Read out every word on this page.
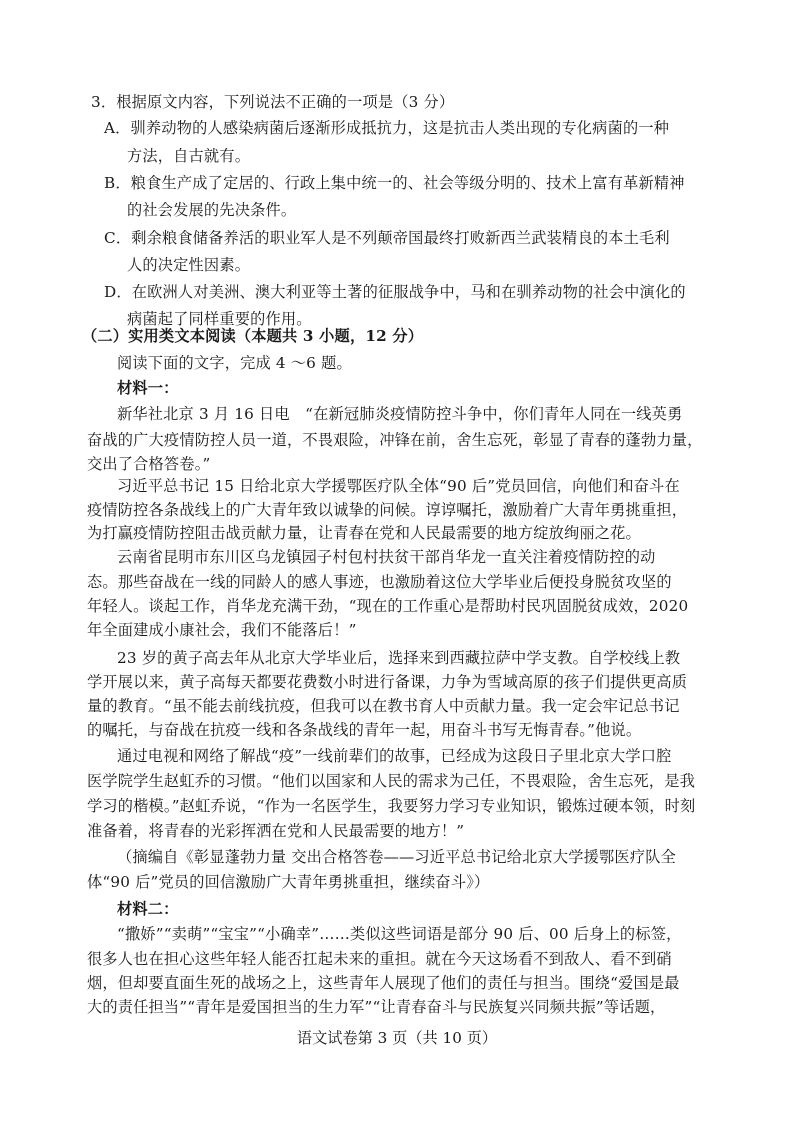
3．根据原文内容，下列说法不正确的一项是（3 分）
A．驯养动物的人感染病菌后逐渐形成抵抗力，这是抗击人类出现的专化病菌的一种
方法，自古就有。
B．粮食生产成了定居的、行政上集中统一的、社会等级分明的、技术上富有革新精神
的社会发展的先决条件。
C．剩余粮食储备养活的职业军人是不列颠帝国最终打败新西兰武装精良的本土毛利
人的决定性因素。
D．在欧洲人对美洲、澳大利亚等土著的征服战争中，马和在驯养动物的社会中演化的
病菌起了同样重要的作用。
（二）实用类文本阅读（本题共 3 小题，12 分）
阅读下面的文字，完成 4 ～6 题。
材料一：
新华社北京 3 月 16 日电　“在新冠肺炎疫情防控斗争中，你们青年人同在一线英勇
奋战的广大疫情防控人员一道，不畏艰险，冲锋在前，舍生忘死，彰显了青春的蓬勃力量，
交出了合格答卷。”
习近平总书记 15 日给北京大学援鄂医疗队全体“90 后”党员回信，向他们和奋斗在
疫情防控各条战线上的广大青年致以诚挚的问候。谆谆嘱托，激励着广大青年勇挑重担，
为打赢疫情防控阻击战贡献力量，让青春在党和人民最需要的地方绽放绚丽之花。
云南省昆明市东川区乌龙镇园子村包村扶贫干部肖华龙一直关注着疫情防控的动
态。那些奋战在一线的同龄人的感人事迹，也激励着这位大学毕业后便投身脱贫攻坚的
年轻人。谈起工作，肖华龙充满干劲，“现在的工作重心是帮助村民巩固脱贫成效，2020
年全面建成小康社会，我们不能落后！”
23 岁的黄子高去年从北京大学毕业后，选择来到西藏拉萨中学支教。自学校线上教
学开展以来，黄子高每天都要花费数小时进行备课，力争为雪域高原的孩子们提供更高质
量的教育。“虽不能去前线抗疫，但我可以在教书育人中贡献力量。我一定会牢记总书记
的嘱托，与奋战在抗疫一线和各条战线的青年一起，用奋斗书写无悔青春。”他说。
通过电视和网络了解战“疫”一线前辈们的故事，已经成为这段日子里北京大学口腔
医学院学生赵虹乔的习惯。“他们以国家和人民的需求为己任，不畏艰险，舍生忘死，是我
学习的楷模。”赵虹乔说，“作为一名医学生，我要努力学习专业知识，锻炼过硬本领，时刻
准备着，将青春的光彩挥洒在党和人民最需要的地方！”
（摘编自《彰显蓬勃力量 交出合格答卷——习近平总书记给北京大学援鄂医疗队全
体“90 后”党员的回信激励广大青年勇挑重担，继续奋斗》）
材料二：
“撒娇”“卖萌”“宝宝”“小确幸”……类似这些词语是部分 90 后、00 后身上的标签，
很多人也在担心这些年轻人能否扛起未来的重担。就在今天这场看不到敌人、看不到硝
烟，但却要直面生死的战场之上，这些青年人展现了他们的责任与担当。围绕“爱国是最
大的责任担当”“青年是爱国担当的生力军”“让青春奋斗与民族复兴同频共振”等话题，
语文试卷第 3 页（共 10 页）
